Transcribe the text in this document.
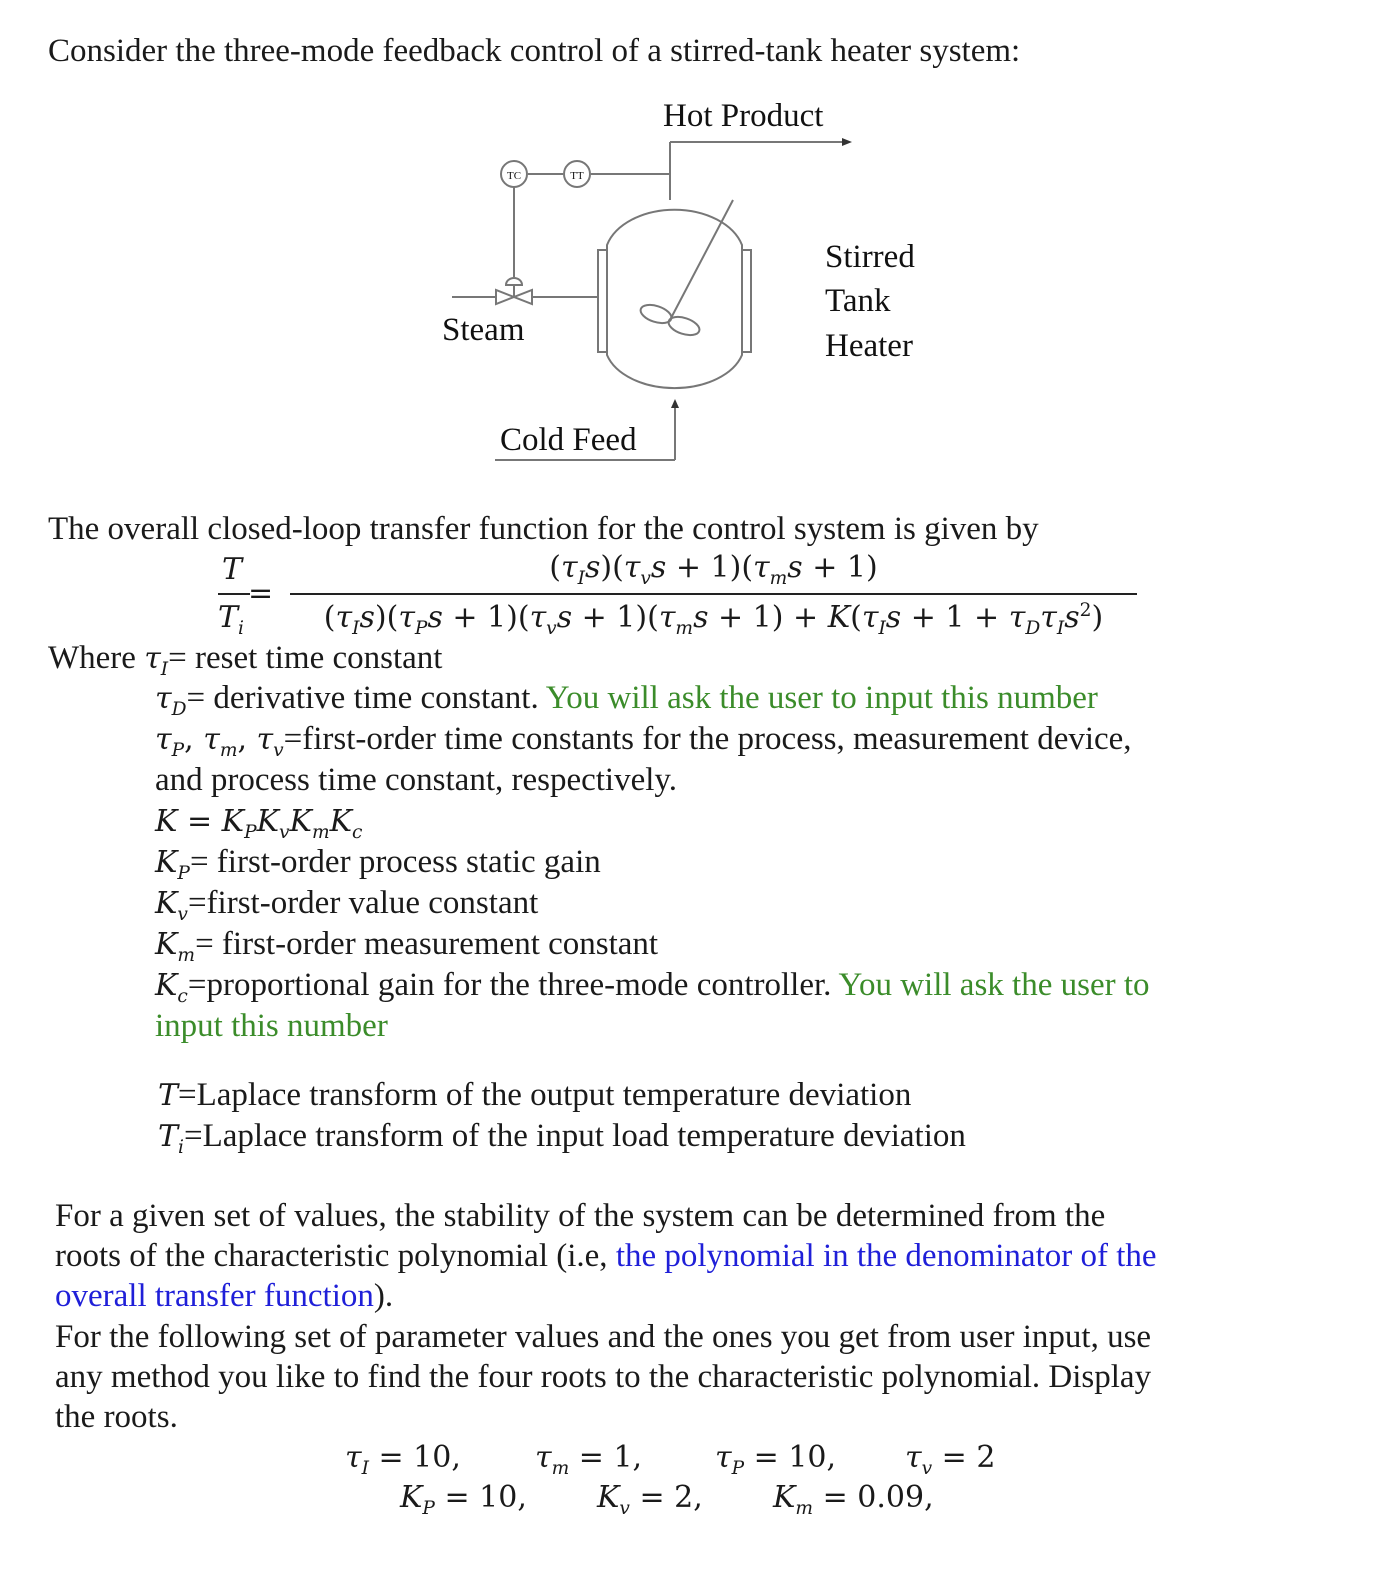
Consider the three-mode feedback control of a stirred-tank heater system:
TC	TT
Hot Product
Steam
Cold Feed
Stirred
Tank
Heater
The overall closed-loop transfer function for the control system is given by
T
$T_i$
=
$(\tau_Is)(\tau_vs + 1)(\tau_ms + 1)$
$(\tau_Is)(\tau_Ps + 1)(\tau_vs + 1)(\tau_ms + 1) + K(\tau_Is + 1 + \tau_D\tau_Is^2)$
Where $\tau_I=$ reset time constant
$\tau_D=$ derivative time constant. You will ask the user to input this number
$\tau_P$, $\tau_m$, $\tau_v=first$-order time constants for the process, measurement device,
and process time constant, respectively.
$K = K_PK_vK_mK_c$
$K_P=$ first-order process static gain
$K_v=first$-order value constant
$K_m=$ first-order measurement constant
$K_c=proportional$ gain for the three-mode controller. You will ask the user to
input this number
T=Laplace transform of the output temperature deviation
$T_i=Laplace$ transform of the input load temperature deviation
For a given set of values, the stability of the system can be determined from the
roots of the characteristic polynomial (i.e, the polynomial in the denominator of the
overall transfer function).
For the following set of parameter values and the ones you get from user input, use
any method you like to find the four roots to the characteristic polynomial. Display
the roots.
$\tau_I = 10$, $\tau_m = 1$, $\tau_P = 10$, $\tau_v = 2$
$K_P = 10$, $K_v = 2$, $K_m = 0.09$,
